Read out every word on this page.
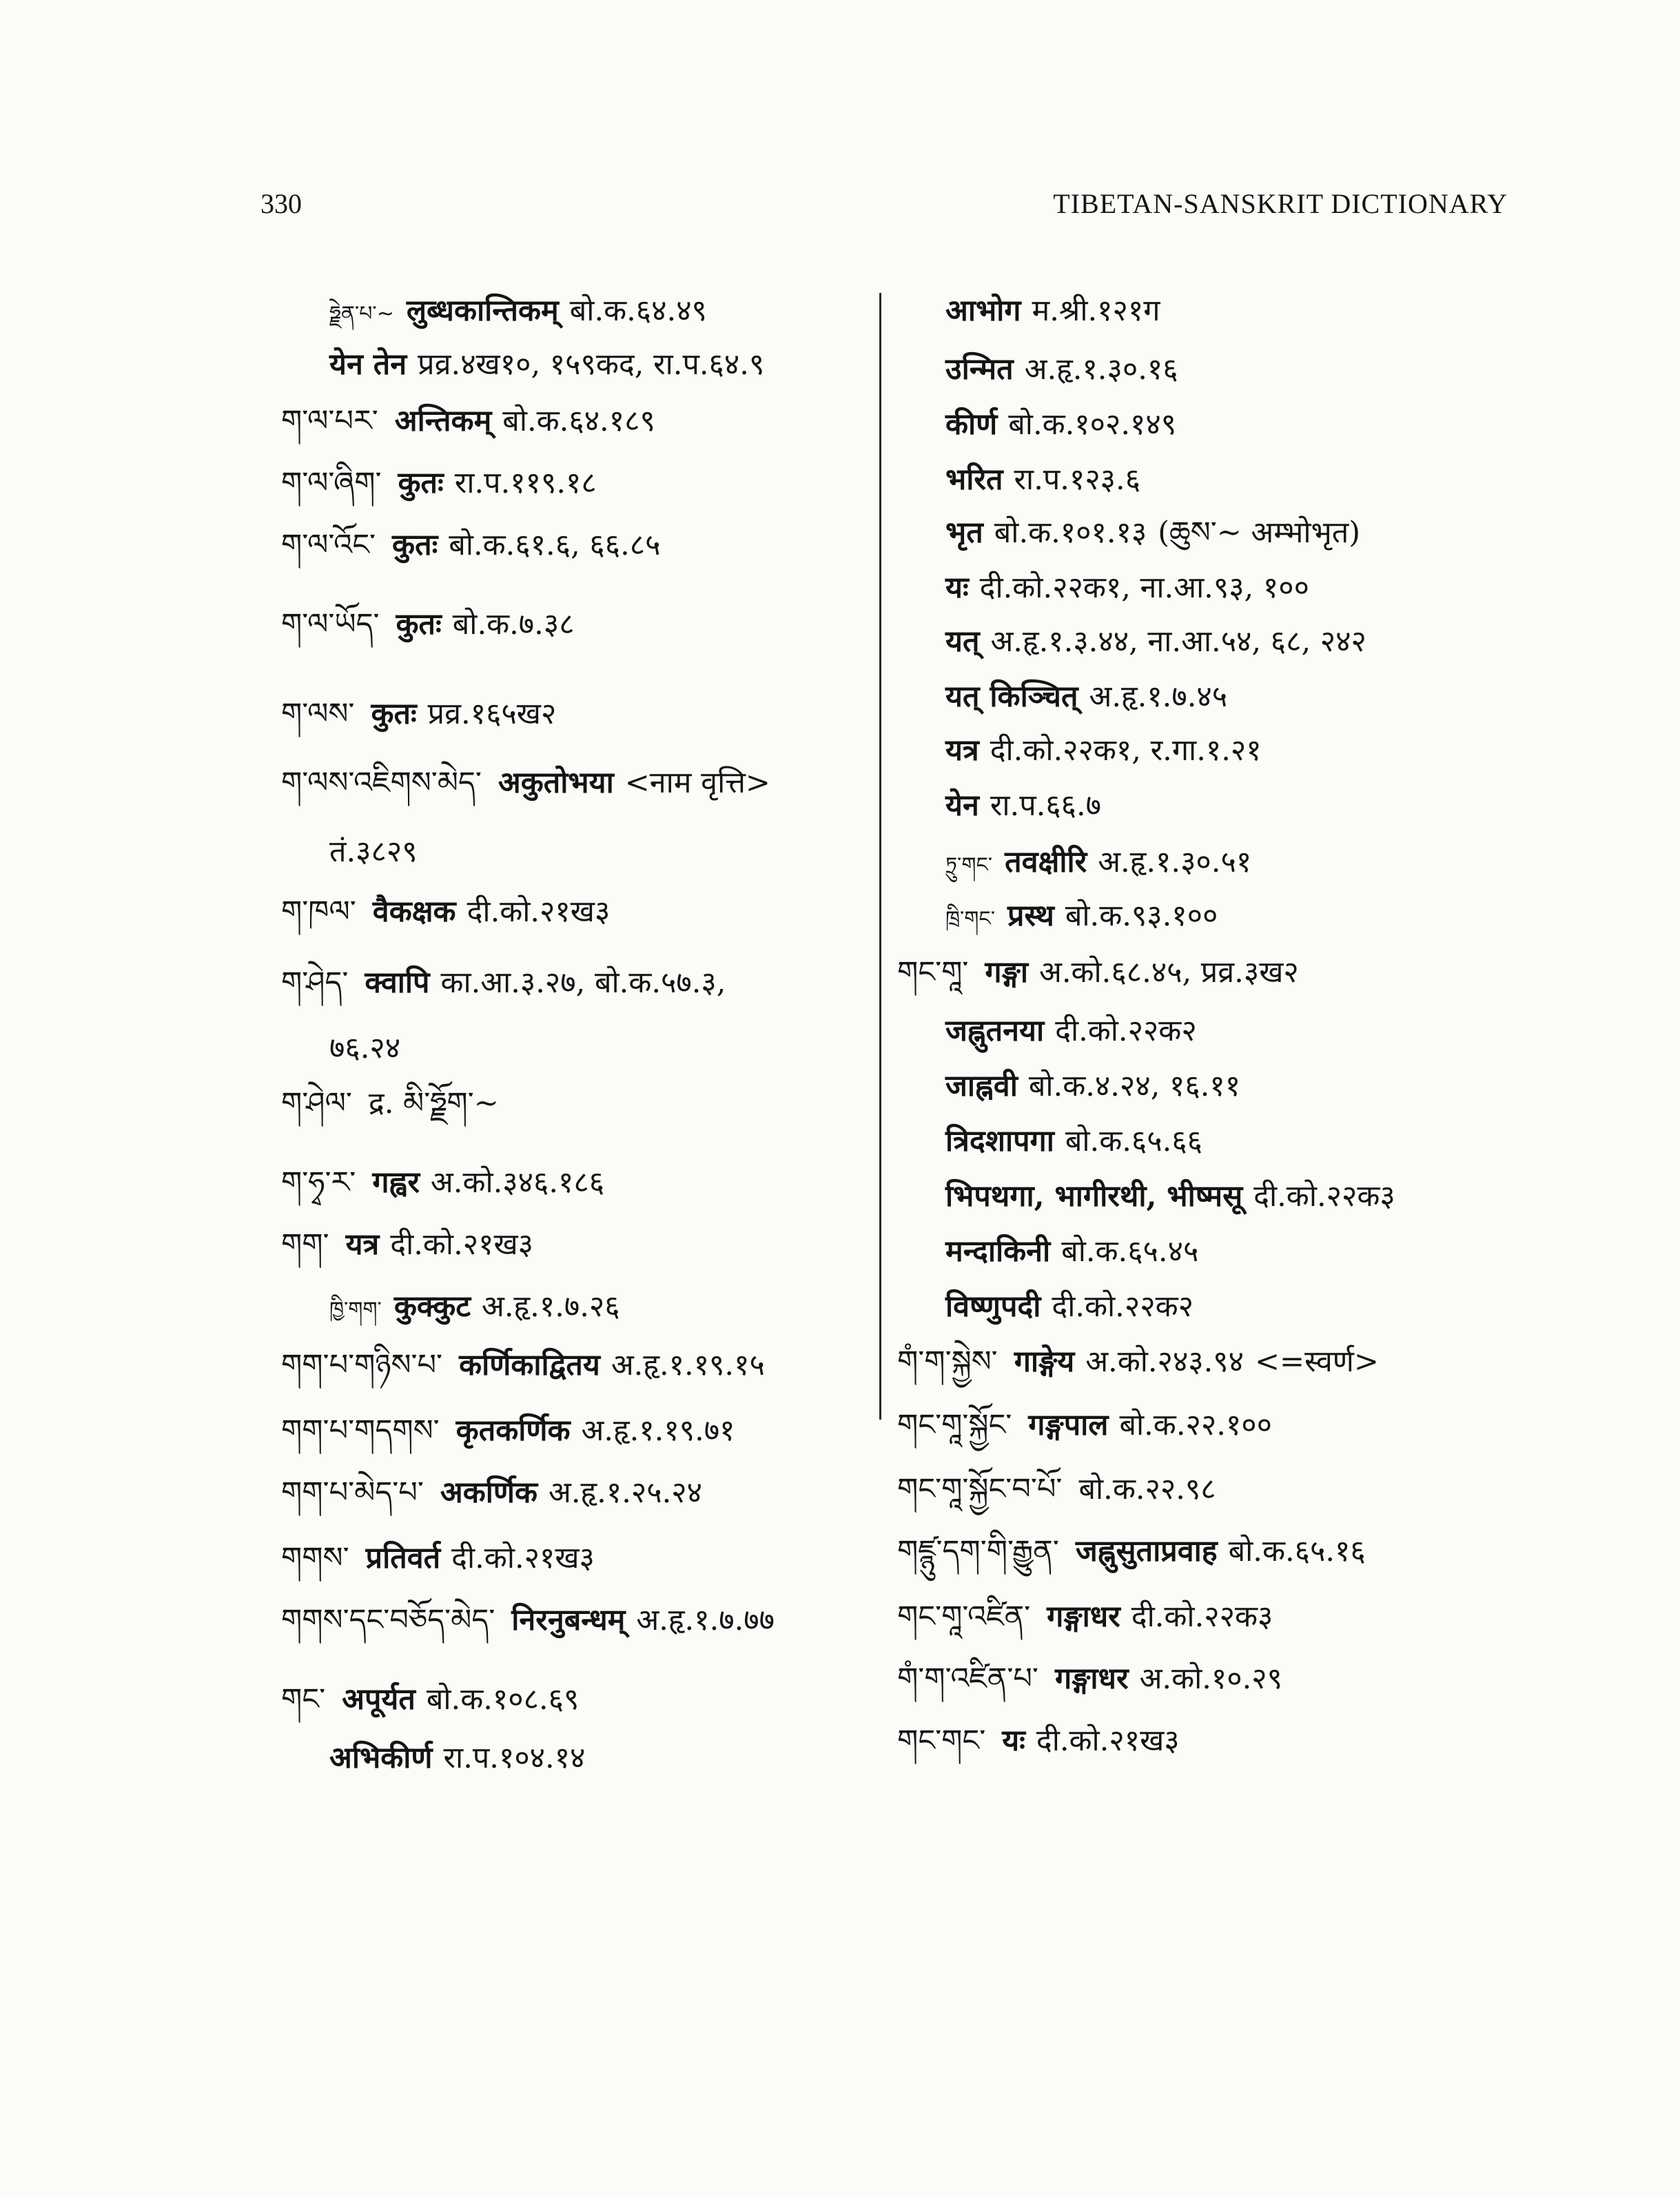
330	TIBETAN-SANSKRIT DICTIONARY
ཧྗེན་པ་~ लुब्धकान्तिकम् बो.क.६४.४९
येन तेन प्रव्र.४ख१०, १५९कद, रा.प.६४.९
ག་ལ་པར་ अन्तिकम् बो.क.६४.१८९
ག་ལ་ཞིག་ कुतः रा.प.११९.१८
ག་ལ་འོང་ कुतः बो.क.६१.६, ६६.८५
ག་ལ་ཡོད་ कुतः बो.क.७.३८
ག་ལས་ कुतः प्रव्र.१६५ख२
ག་ལས་འཇིགས་མེད་ अकुतोभया <नाम वृत्ति>
तं.३८२९
ག་ཁལ་ वैकक्षक दी.को.२१ख३
ག་ཤེད་ क्वापि का.आ.३.२७, बो.क.५७.३,
७६.२४
ག་ཤེལ་ द्र. མི་ཧྗོག་~
ག་ཧྭ་ར་ गह्वर अ.को.३४६.१८६
གག་ यत्र दी.को.२१ख३
ཁྱི་གག་ कुक्कुट अ.हृ.१.७.२६
གག་པ་གཉིས་པ་ कर्णिकाद्वितय अ.हृ.१.१९.१५
གག་པ་གདགས་ कृतकर्णिक अ.हृ.१.१९.७१
གག་པ་མེད་པ་ अकर्णिक अ.हृ.१.२५.२४
གགས་ प्रतिवर्त दी.को.२१ख३
གགས་དང་བཅོད་མེད་ निरनुबन्धम् अ.हृ.१.७.७७
གང་ अपूर्यत बो.क.१०८.६९
अभिकीर्ण रा.प.१०४.१४
आभोग म.श्री.१२१ग
उन्मित अ.हृ.१.३०.१६
कीर्ण बो.क.१०२.१४९
भरित रा.प.१२३.६
भृत बो.क.१०१.१३ (ཆུས་~ अम्भोभृत)
यः दी.को.२२क१, ना.आ.९३, १००
यत् अ.हृ.१.३.४४, ना.आ.५४, ६८, २४२
यत् किञ्चित् अ.हृ.१.७.४५
यत्र दी.को.२२क१, र.गा.१.२१
येन रा.प.६६.७
ཏྲུ་གང་ तवक्षीरि अ.हृ.१.३०.५१
ཁྲི་གང་ प्रस्थ बो.क.९३.१००
གང་གཱ་ गङ्गा अ.को.६८.४५, प्रव्र.३ख२
जह्नुतनया दी.को.२२क२
जाह्नवी बो.क.४.२४, १६.११
त्रिदशापगा बो.क.६५.६६
भिपथगा, भागीरथी, भीष्मसू दी.को.२२क३
मन्दाकिनी बो.क.६५.४५
विष्णुपदी दी.को.२२क२
གཾ་ག་སྐྱེས་ गाङ्गेय अ.को.२४३.९४ <=स्वर्ण>
གང་གཱ་སྐྱོང་ गङ्गपाल बो.क.२२.१००
གང་གཱ་སྐྱོང་བ་པོ་ बो.क.२२.९८
གཛྙུ་དག་གི་རྒྱུན་ जह्नुसुताप्रवाह बो.क.६५.१६
གང་གཱ་འཛིན་ गङ्गाधर दी.को.२२क३
གཾ་ག་འཛིན་པ་ गङ्गाधर अ.को.१०.२९
གང་གང་ यः दी.को.२१ख३
